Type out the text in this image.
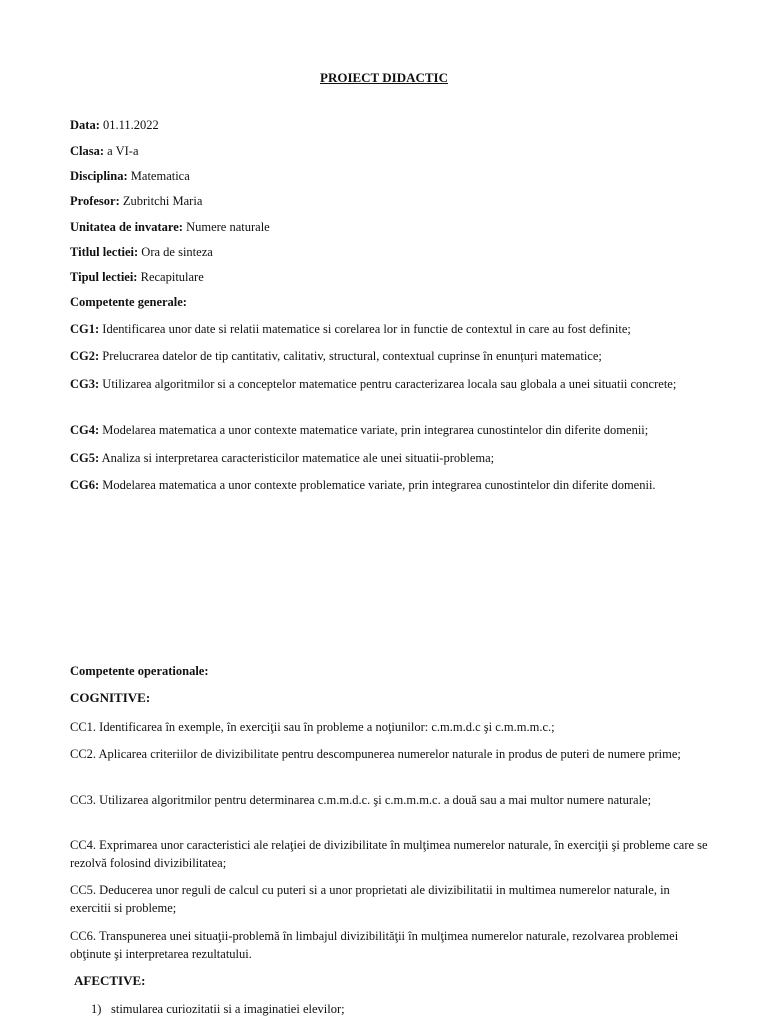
PROIECT DIDACTIC
Data: 01.11.2022
Clasa: a VI-a
Disciplina: Matematica
Profesor: Zubritchi Maria
Unitatea de invatare: Numere naturale
Titlul lectiei: Ora de sinteza
Tipul lectiei: Recapitulare
Competente generale:
CG1: Identificarea unor date si relatii matematice si corelarea lor in functie de contextul in care au fost definite;
CG2: Prelucrarea datelor de tip cantitativ, calitativ, structural, contextual cuprinse în enunțuri matematice;
CG3: Utilizarea algoritmilor si a conceptelor matematice pentru caracterizarea locala sau globala a unei situatii concrete;
CG4: Modelarea matematica a unor contexte matematice variate, prin integrarea cunostintelor din diferite domenii;
CG5: Analiza si interpretarea caracteristicilor matematice ale unei situatii-problema;
CG6: Modelarea matematica a unor contexte problematice variate, prin integrarea cunostintelor din diferite domenii.
Competente operationale:
COGNITIVE:
CC1. Identificarea în exemple, în exerciţii sau în probleme a noţiunilor: c.m.m.d.c şi c.m.m.m.c.;
CC2. Aplicarea criteriilor de divizibilitate pentru descompunerea numerelor naturale in produs de puteri de numere prime;
CC3. Utilizarea algoritmilor pentru determinarea c.m.m.d.c. şi c.m.m.m.c. a două sau a mai multor numere naturale;
CC4. Exprimarea unor caracteristici ale relaţiei de divizibilitate în mulţimea numerelor naturale, în exerciţii şi probleme care se rezolvă folosind divizibilitatea;
CC5. Deducerea unor reguli de calcul cu puteri si a unor proprietati ale divizibilitatii in multimea numerelor naturale, in exercitii si probleme;
CC6. Transpunerea unei situaţii-problemă în limbajul divizibilităţii în mulţimea numerelor naturale, rezolvarea problemei obţinute şi interpretarea rezultatului.
AFECTIVE:
1) stimularea curiozitatii si a imaginatiei elevilor;
